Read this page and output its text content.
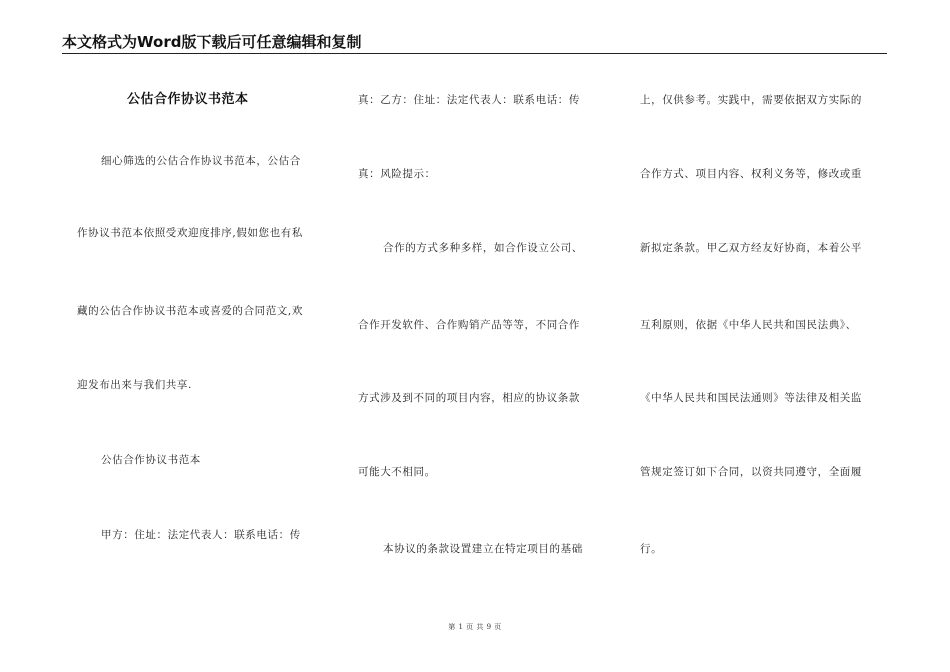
本文格式为Word版下载后可任意编辑和复制
公估合作协议书范本
细心筛选的公估合作协议书范本，公估合
作协议书范本依照受欢迎度排序,假如您也有私
藏的公估合作协议书范本或喜爱的合同范文,欢
迎发布出来与我们共享.
公估合作协议书范本
甲方：住址：法定代表人：联系电话：传
真：乙方：住址：法定代表人：联系电话：传
真：风险提示：
合作的方式多种多样，如合作设立公司、
合作开发软件、合作购销产品等等，不同合作
方式涉及到不同的项目内容，相应的协议条款
可能大不相同。
本协议的条款设置建立在特定项目的基础
上，仅供参考。实践中，需要依据双方实际的
合作方式、项目内容、权利义务等，修改或重
新拟定条款。甲乙双方经友好协商，本着公平
互利原则，依据《中华人民共和国民法典》、
《中华人民共和国民法通则》等法律及相关监
管规定签订如下合同，以资共同遵守，全面履
行。
第 1 页 共 9 页
